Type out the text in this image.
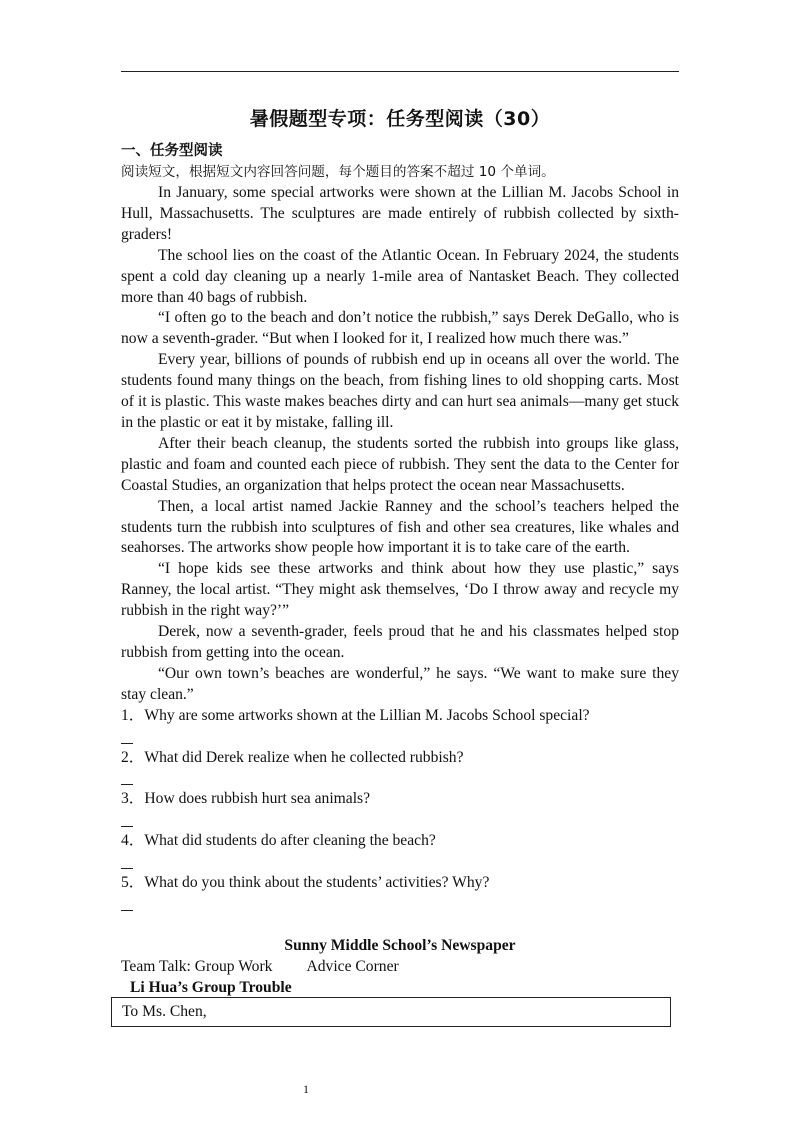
暑假题型专项：任务型阅读（30）
一、任务型阅读
阅读短文，根据短文内容回答问题，每个题目的答案不超过 10 个单词。

In January, some special artworks were shown at the Lillian M. Jacobs School in Hull, Massachusetts. The sculptures are made entirely of rubbish collected by sixth-graders!

The school lies on the coast of the Atlantic Ocean. In February 2024, the students spent a cold day cleaning up a nearly 1-mile area of Nantasket Beach. They collected more than 40 bags of rubbish.

“I often go to the beach and don’t notice the rubbish,” says Derek DeGallo, who is now a seventh-grader. “But when I looked for it, I realized how much there was.”

Every year, billions of pounds of rubbish end up in oceans all over the world. The students found many things on the beach, from fishing lines to old shopping carts. Most of it is plastic. This waste makes beaches dirty and can hurt sea animals—many get stuck in the plastic or eat it by mistake, falling ill.

After their beach cleanup, the students sorted the rubbish into groups like glass, plastic and foam and counted each piece of rubbish. They sent the data to the Center for Coastal Studies, an organization that helps protect the ocean near Massachusetts.

Then, a local artist named Jackie Ranney and the school’s teachers helped the students turn the rubbish into sculptures of fish and other sea creatures, like whales and seahorses. The artworks show people how important it is to take care of the earth.

“I hope kids see these artworks and think about how they use plastic,” says Ranney, the local artist. “They might ask themselves, ‘Do I throw away and recycle my rubbish in the right way?’”

Derek, now a seventh-grader, feels proud that he and his classmates helped stop rubbish from getting into the ocean.

“Our own town’s beaches are wonderful,” he says. “We want to make sure they stay clean.”

1．Why are some artworks shown at the Lillian M. Jacobs School special?

2．What did Derek realize when he collected rubbish?

3．How does rubbish hurt sea animals?

4．What did students do after cleaning the beach?

5．What do you think about the students’ activities? Why?

Sunny Middle School’s Newspaper
Team Talk: Group Work Advice Corner
Li Hua’s Group Trouble
To Ms. Chen,
1
